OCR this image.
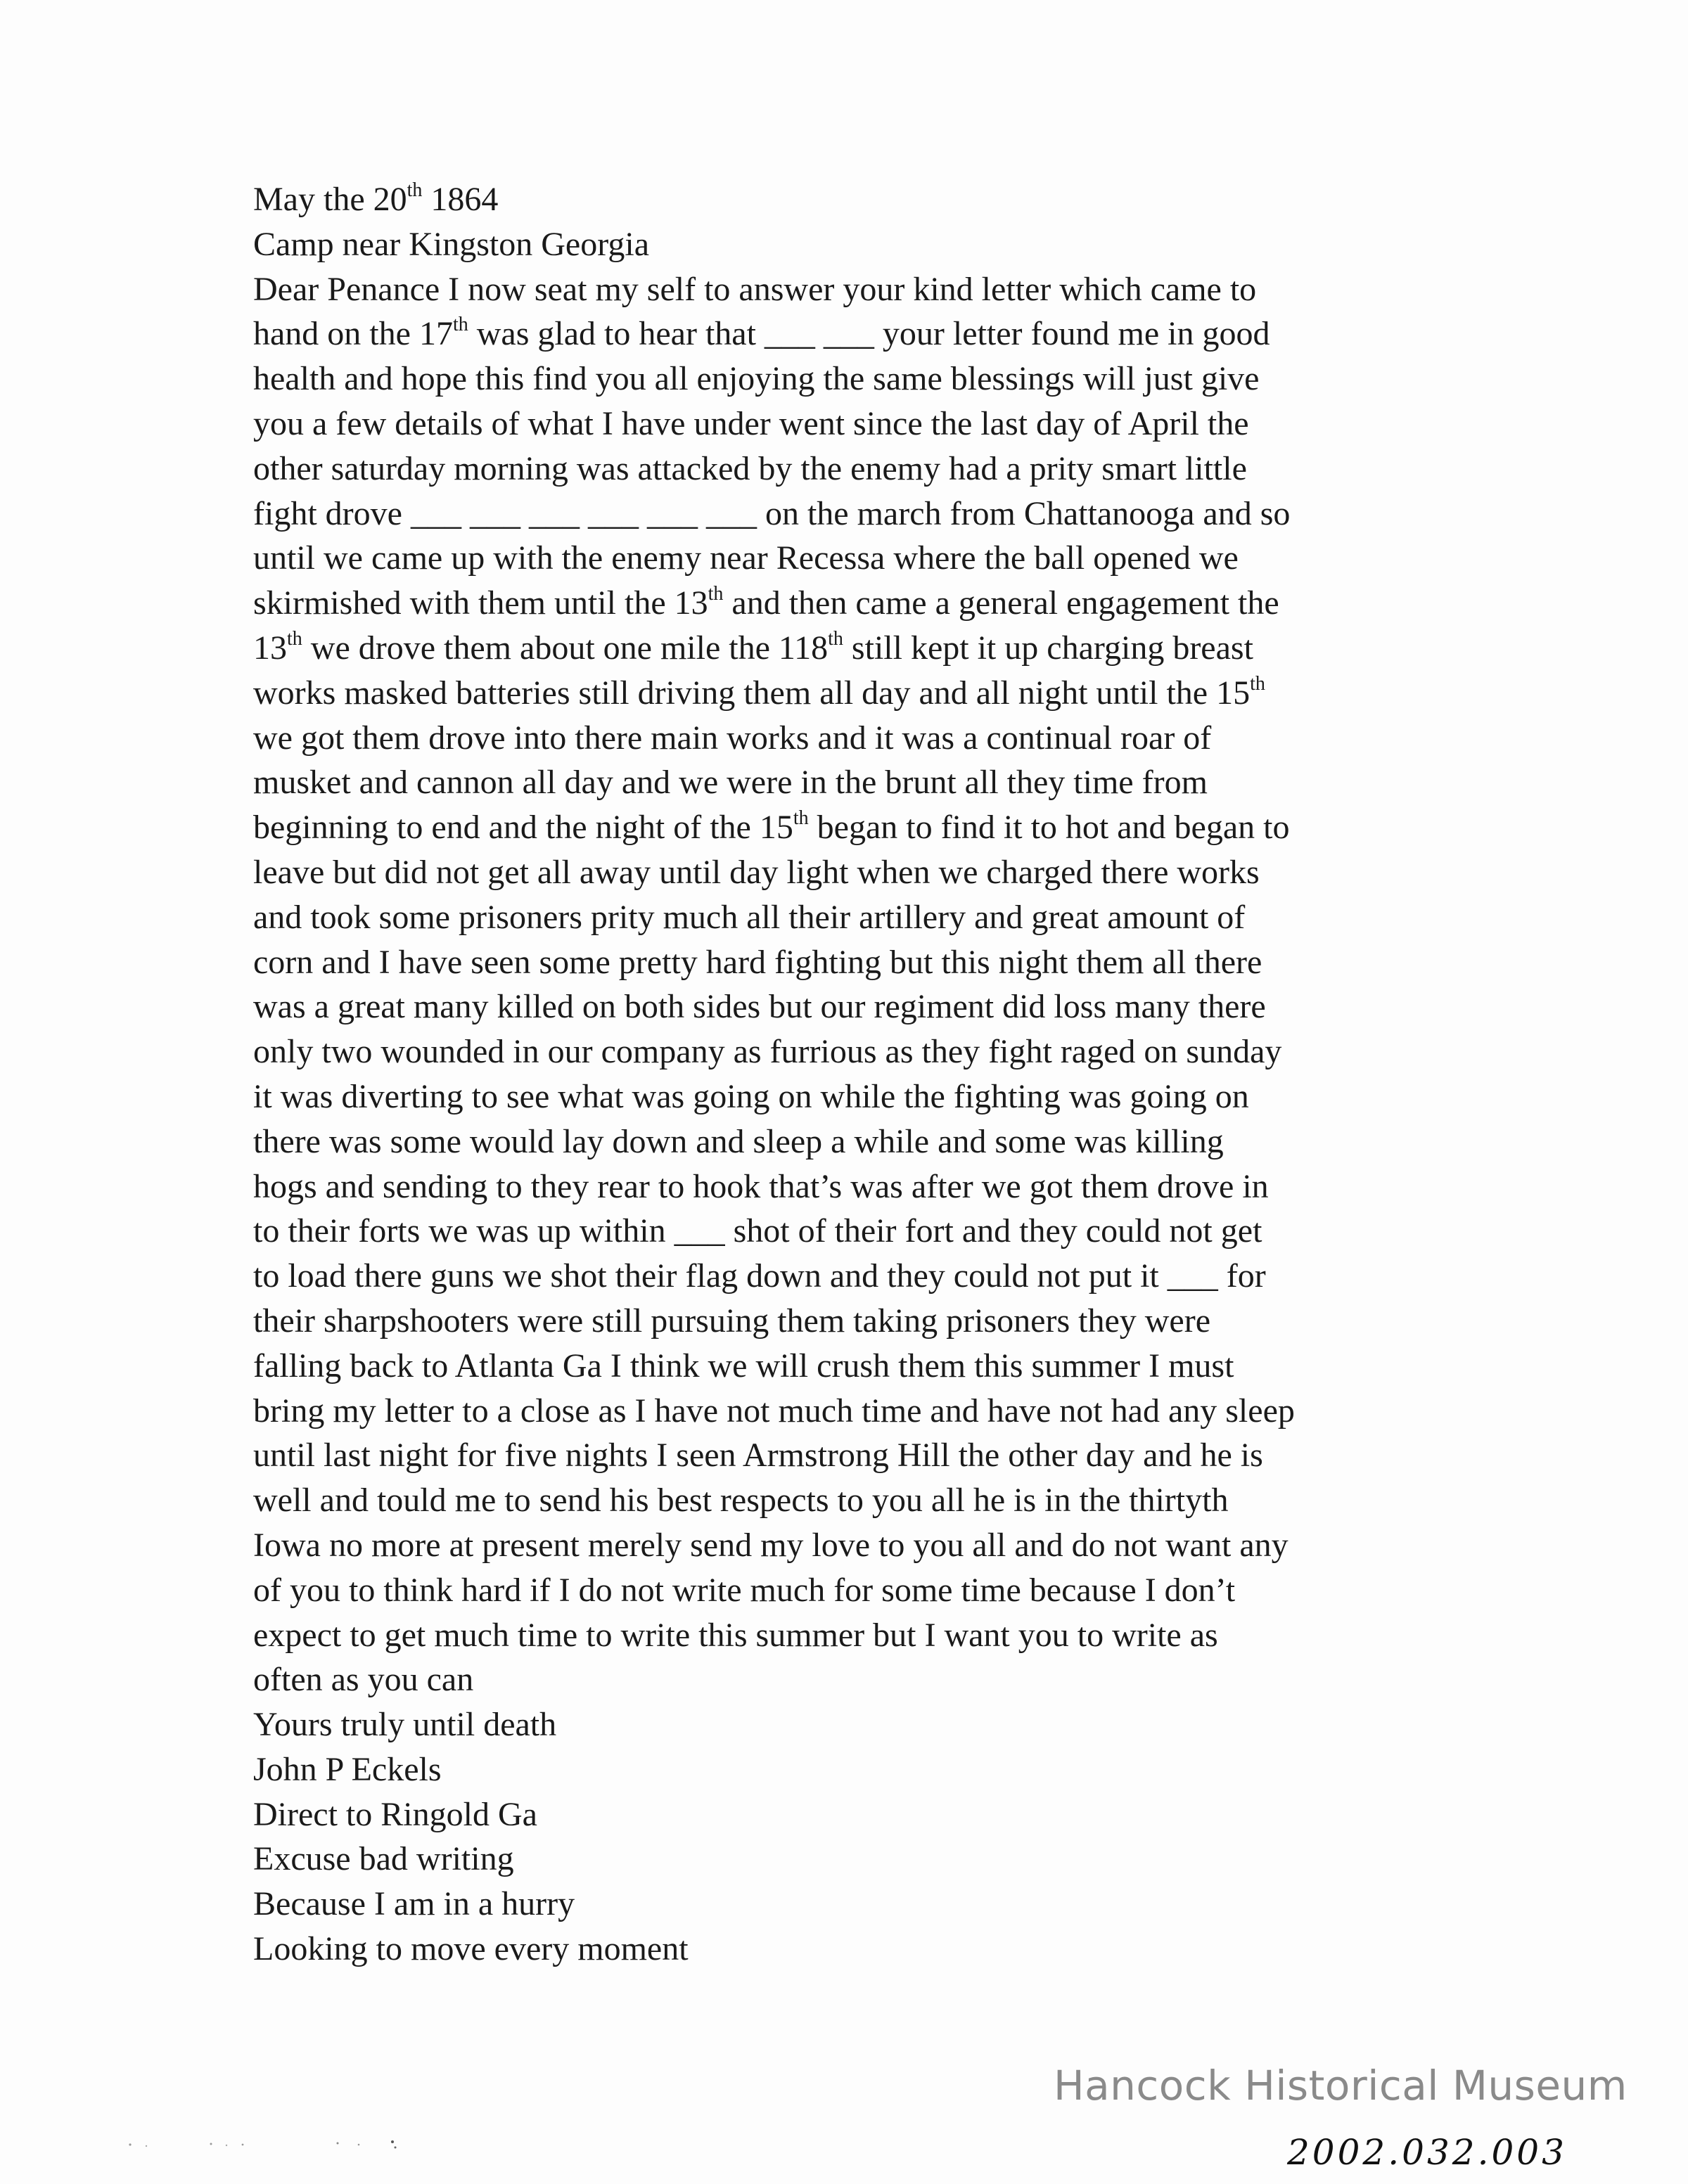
May the 20th 1864
Camp near Kingston Georgia
Dear Penance I now seat my self to answer your kind letter which came to
hand on the 17th was glad to hear that ___ ___ your letter found me in good
health and hope this find you all enjoying the same blessings will just give
you a few details of what I have under went since the last day of April the
other saturday morning was attacked by the enemy had a prity smart little
fight drove ___ ___ ___ ___ ___ ___ on the march from Chattanooga and so
until we came up with the enemy near Recessa where the ball opened we
skirmished with them until the 13th and then came a general engagement the
13th we drove them about one mile the 118th still kept it up charging breast
works masked batteries still driving them all day and all night until the 15th
we got them drove into there main works and it was a continual roar of
musket and cannon all day and we were in the brunt all they time from
beginning to end and the night of the 15th began to find it to hot and began to
leave but did not get all away until day light when we charged there works
and took some prisoners prity much all their artillery and great amount of
corn and I have seen some pretty hard fighting but this night them all there
was a great many killed on both sides but our regiment did loss many there
only two wounded in our company as furrious as they fight raged on sunday
it was diverting to see what was going on while the fighting was going on
there was some would lay down and sleep a while and some was killing
hogs and sending to they rear to hook that’s was after we got them drove in
to their forts we was up within ___ shot of their fort and they could not get
to load there guns we shot their flag down and they could not put it ___ for
their sharpshooters were still pursuing them taking prisoners they were
falling back to Atlanta Ga I think we will crush them this summer I must
bring my letter to a close as I have not much time and have not had any sleep
until last night for five nights I seen Armstrong Hill the other day and he is
well and tould me to send his best respects to you all he is in the thirtyth
Iowa no more at present merely send my love to you all and do not want any
of you to think hard if I do not write much for some time because I don’t
expect to get much time to write this summer but I want you to write as
often as you can
Yours truly until death
John P Eckels
Direct to Ringold Ga
Excuse bad writing
Because I am in a hurry
Looking to move every moment
Hancock Historical Museum
2002.032.003
